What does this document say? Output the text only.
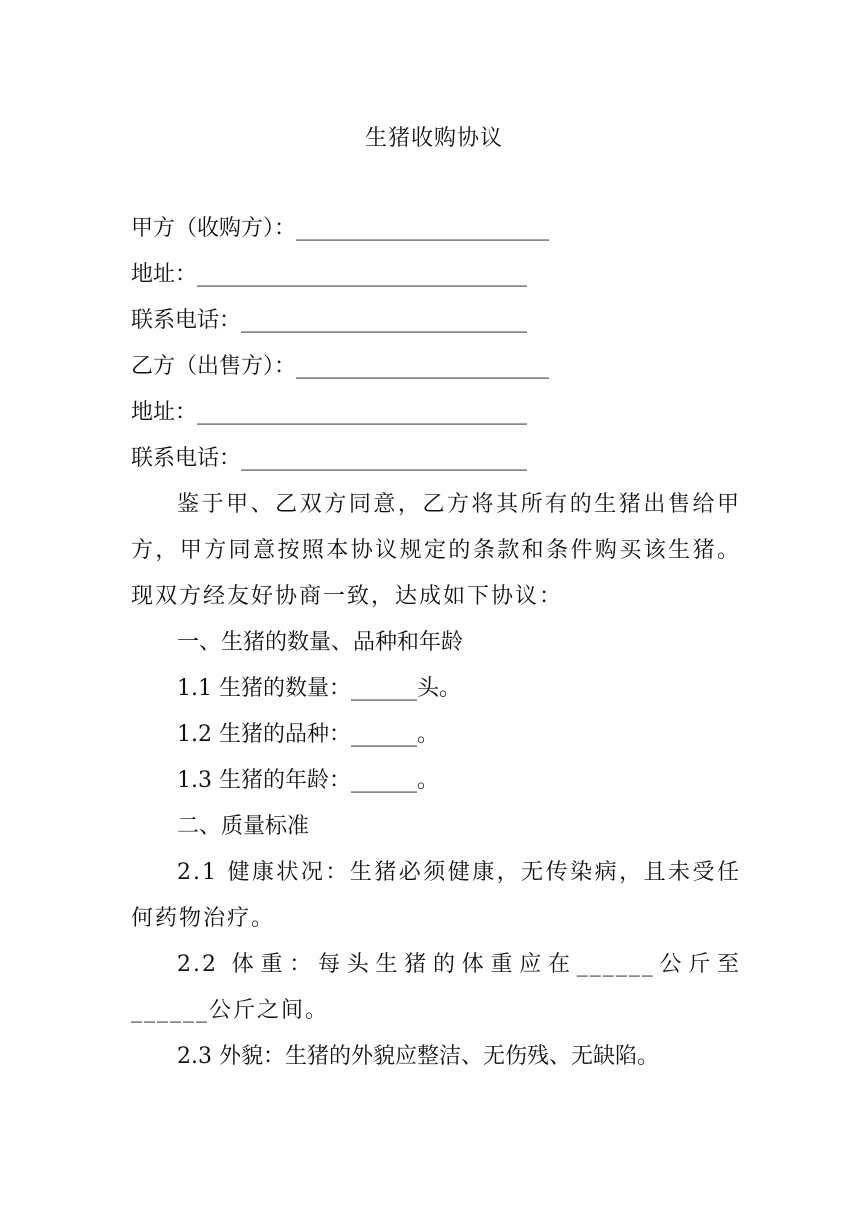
生猪收购协议

甲方（收购方）：_______________________

地址：______________________________

联系电话：__________________________

乙方（出售方）：_______________________

地址：______________________________

联系电话：__________________________

鉴于甲、乙双方同意，乙方将其所有的生猪出售给甲方，甲方同意按照本协议规定的条款和条件购买该生猪。现双方经友好协商一致，达成如下协议：

一、生猪的数量、品种和年龄

1.1 生猪的数量：______头。

1.2 生猪的品种：______。

1.3 生猪的年龄：______。

二、质量标准

2.1 健康状况：生猪必须健康，无传染病，且未受任何药物治疗。

2.2 体重：每头生猪的体重应在______公斤至______公斤之间。

2.3 外貌：生猪的外貌应整洁、无伤残、无缺陷。
